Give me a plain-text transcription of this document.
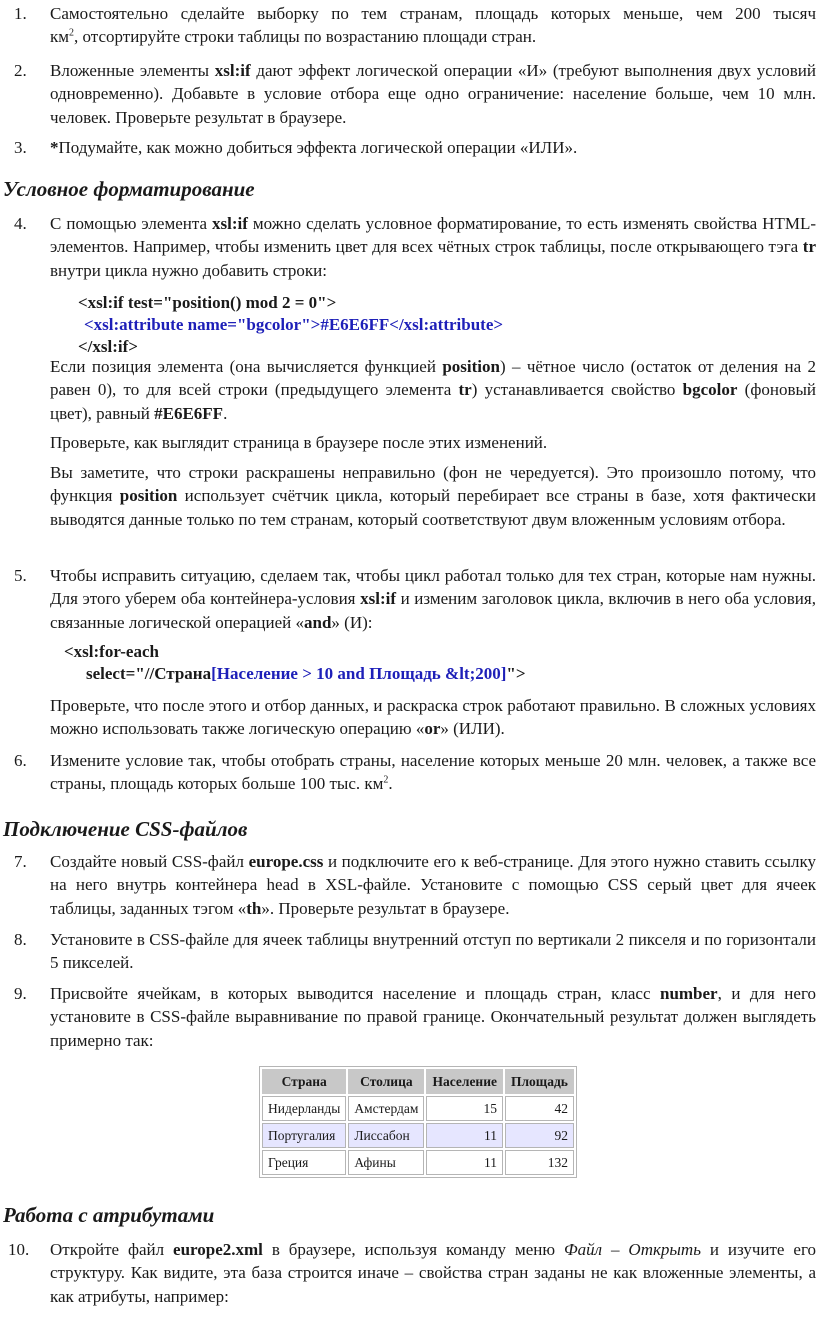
1. Самостоятельно сделайте выборку по тем странам, площадь которых меньше, чем 200 тысяч

$км^2$, отсортируйте строки таблицы по возрастанию площади стран.

2. Вложенные элементы xsl:if дают эффект логической операции «И» (требуют выполнения двух условий одновременно). Добавьте в условие отбора еще одно ограничение: население больше, чем 10 млн. человек. Проверьте результат в браузере.
3. *Подумайте, как можно добиться эффекта логической операции «ИЛИ».
Условное форматирование
4. С помощью элемента xsl:if можно сделать условное форматирование, то есть изменять свойства HTML-элементов. Например, чтобы изменить цвет для всех чётных строк таблицы, после открывающего тэга tr внутри цикла нужно добавить строки:
<xsl:if test="position() mod 2 = 0">
<xsl:attribute name="bgcolor">#E6E6FF</xsl:attribute>
</xsl:if>
Если позиция элемента (она вычисляется функцией position) – чётное число (остаток от деления на 2 равен 0), то для всей строки (предыдущего элемента tr) устанавливается свойство bgcolor (фоновый цвет), равный #E6E6FF.
Проверьте, как выглядит страница в браузере после этих изменений.
Вы заметите, что строки раскрашены неправильно (фон не чередуется). Это произошло потому, что функция position использует счётчик цикла, который перебирает все страны в базе, хотя фактически выводятся данные только по тем странам, который соответствуют двум вложенным условиям отбора.
5. Чтобы исправить ситуацию, сделаем так, чтобы цикл работал только для тех стран, которые нам нужны. Для этого уберем оба контейнера-условия xsl:if и изменим заголовок цикла, включив в него оба условия, связанные логической операцией «and» (И):
<xsl:for-each
select="//Страна[Население > 10 and Площадь &lt;200]">
Проверьте, что после этого и отбор данных, и раскраска строк работают правильно. В сложных условиях можно использовать также логическую операцию «or» (ИЛИ).
6. Измените условие так, чтобы отобрать страны, население которых меньше 20 млн. человек, а также все страны, площадь которых больше 100 тыс. $км^2$.
Подключение CSS-файлов
7. Создайте новый CSS-файл europe.css и подключите его к веб-странице. Для этого нужно ставить ссылку на него внутрь контейнера head в XSL-файле. Установите с помощью CSS серый цвет для ячеек таблицы, заданных тэгом «th». Проверьте результат в браузере.
8. Установите в CSS-файле для ячеек таблицы внутренний отступ по вертикали 2 пикселя и по горизонтали 5 пикселей.
9. Присвойте ячейкам, в которых выводится население и площадь стран, класс number, и для него установите в CSS-файле выравнивание по правой границе. Окончательный результат должен выглядеть примерно так:
Страна	Столица	Население	Площадь
Нидерланды	Амстердам	15	42
Португалия	Лиссабон	11	92
Греция	Афины	11	132
Работа с атрибутами
10. Откройте файл europe2.xml в браузере, используя команду меню Файл – Открыть и изучите его структуру. Как видите, эта база строится иначе – свойства стран заданы не как вложенные элементы, а как атрибуты, например:
